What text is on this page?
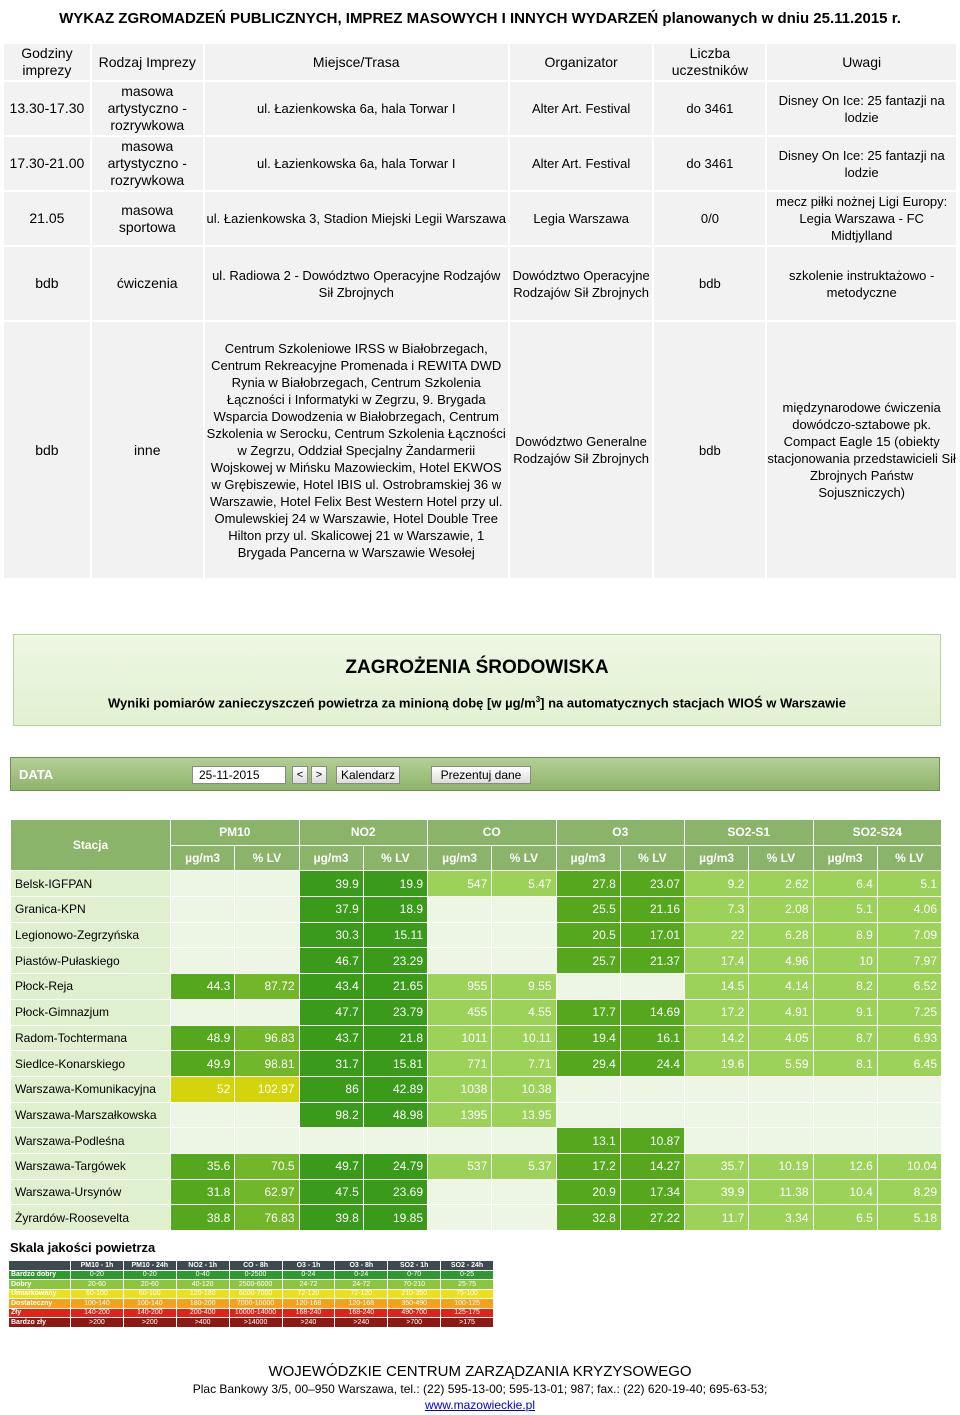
WYKAZ ZGROMADZEŃ PUBLICZNYCH, IMPREZ MASOWYCH I INNYCH WYDARZEŃ planowanych w dniu 25.11.2015 r.
Godziny imprezy	Rodzaj Imprezy	Miejsce/Trasa	Organizator	Liczba uczestników	Uwagi
13.30-17.30	masowa artystyczno - rozrywkowa	ul. Łazienkowska 6a, hala Torwar I	Alter Art. Festival	do 3461	Disney On Ice: 25 fantazji na lodzie
17.30-21.00	masowa artystyczno - rozrywkowa	ul. Łazienkowska 6a, hala Torwar I	Alter Art. Festival	do 3461	Disney On Ice: 25 fantazji na lodzie
21.05	masowa sportowa	ul. Łazienkowska 3, Stadion Miejski Legii Warszawa	Legia Warszawa	0/0	mecz piłki nożnej Ligi Europy: Legia Warszawa - FC Midtjylland
bdb	ćwiczenia	ul. Radiowa 2 - Dowództwo Operacyjne Rodzajów Sił Zbrojnych	Dowództwo Operacyjne Rodzajów Sił Zbrojnych	bdb	szkolenie instruktażowo - metodyczne
bdb	inne	Centrum Szkoleniowe IRSS w Białobrzegach, Centrum Rekreacyjne Promenada i REWITA DWD Rynia w Białobrzegach, Centrum Szkolenia Łączności i Informatyki w Zegrzu, 9. Brygada Wsparcia Dowodzenia w Białobrzegach, Centrum Szkolenia w Serocku, Centrum Szkolenia Łączności w Zegrzu, Oddział Specjalny Żandarmerii Wojskowej w Mińsku Mazowieckim, Hotel EKWOS w Grębiszewie, Hotel IBIS ul. Ostrobramskiej 36 w Warszawie, Hotel Felix Best Western Hotel przy ul. Omulewskiej 24 w Warszawie, Hotel Double Tree Hilton przy ul. Skalicowej 21 w Warszawie, 1 Brygada Pancerna w Warszawie Wesołej	Dowództwo Generalne Rodzajów Sił Zbrojnych	bdb	międzynarodowe ćwiczenia dowódczo-sztabowe pk. Compact Eagle 15 (obiekty stacjonowania przedstawicieli Sił Zbrojnych Państw Sojuszniczych)
ZAGROŻENIA ŚRODOWISKA
Wyniki pomiarów zanieczyszczeń powietrza za minioną dobę [w $\mu g/m^3$] na automatycznych stacjach WIOŚ w Warszawie
DATA
25-11-2015	<	>	Kalendarz	Prezentuj dane
Stacja	PM10		NO2		CO		O3		SO2-S1		SO2-S24	
	µg/m3	% LV	µg/m3	% LV	µg/m3	% LV	µg/m3	% LV	µg/m3	% LV	µg/m3	% LV
Belsk-IGFPAN			39.9	19.9	547	5.47	27.8	23.07	9.2	2.62	6.4	5.1
Granica-KPN			37.9	18.9			25.5	21.16	7.3	2.08	5.1	4.06
Legionowo-Zegrzyńska			30.3	15.11			20.5	17.01	22	6.28	8.9	7.09
Piastów-Pułaskiego			46.7	23.29			25.7	21.37	17.4	4.96	10	7.97
Płock-Reja	44.3	87.72	43.4	21.65	955	9.55			14.5	4.14	8.2	6.52
Płock-Gimnazjum			47.7	23.79	455	4.55	17.7	14.69	17.2	4.91	9.1	7.25
Radom-Tochtermana	48.9	96.83	43.7	21.8	1011	10.11	19.4	16.1	14.2	4.05	8.7	6.93
Siedlce-Konarskiego	49.9	98.81	31.7	15.81	771	7.71	29.4	24.4	19.6	5.59	8.1	6.45
Warszawa-Komunikacyjna	52	102.97	86	42.89	1038	10.38						
Warszawa-Marszałkowska			98.2	48.98	1395	13.95						
Warszawa-Podleśna							13.1	10.87				
Warszawa-Targówek	35.6	70.5	49.7	24.79	537	5.37	17.2	14.27	35.7	10.19	12.6	10.04
Warszawa-Ursynów	31.8	62.97	47.5	23.69			20.9	17.34	39.9	11.38	10.4	8.29
Żyrardów-Roosevelta	38.8	76.83	39.8	19.85			32.8	27.22	11.7	3.34	6.5	5.18
Skala jakości powietrza
	PM10 - 1h	PM10 - 24h	NO2 - 1h	CO - 8h	O3 - 1h	O3 - 8h	SO2 - 1h	SO2 - 24h
Bardzo dobry	0-20	0-20	0-40	0-2500	0-24	0-24	0-70	0-25
Dobry	20-60	20-60	40-120	2500-6000	24-72	24-72	70-210	25-75
Umiarkowany	60-100	60-100	120-180	6000-7000	72-120	72-120	210-350	75-100
Dostateczny	100-140	100-140	180-200	7000-10000	120-168	120-168	350-490	100-125
Zły	140-200	140-200	200-400	10000-14000	168-240	168-240	490-700	125-175
Bardzo zły	>200	>200	>400	>14000	>240	>240	>700	>175
WOJEWÓDZKIE CENTRUM ZARZĄDZANIA KRYZYSOWEGO
Plac Bankowy 3/5, 00–950 Warszawa, tel.: (22) 595-13-00; 595-13-01; 987; fax.: (22) 620-19-40; 695-63-53;
www.mazowieckie.pl
